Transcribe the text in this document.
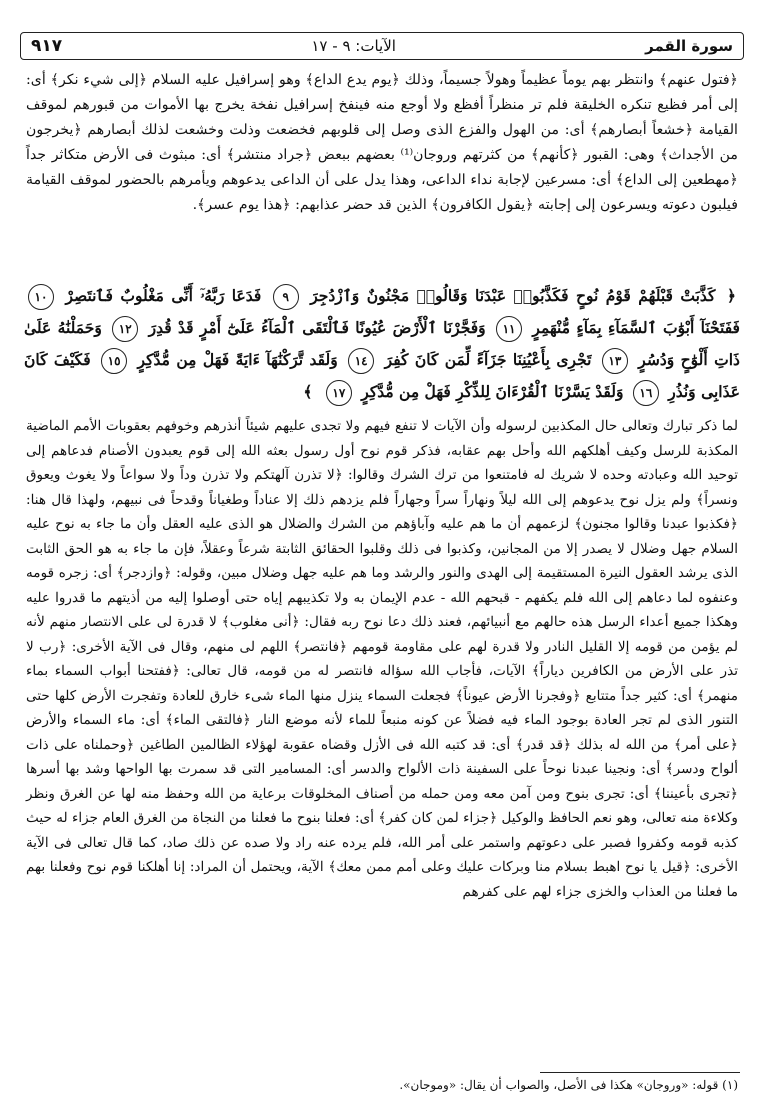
سورة القمر
الآيات: ٩ - ١٧
٩١٧

﴿فتول عنهم﴾ وانتظر بهم يوماً عظيماً وهولاً جسيماً، وذلك ﴿يوم يدع الداع﴾ وهو إسرافيل عليه السلام ﴿إلى شيء نكر﴾ أى: إلى أمر فظيع تنكره الخليقة فلم تر منظراً أفظع ولا أوجع منه فينفخ إسرافيل نفخة يخرج بها الأموات من قبورهم لموقف القيامة ﴿خشعاً أبصارهم﴾ أى: من الهول والفزع الذى وصل إلى قلوبهم فخضعت وذلت وخشعت لذلك أبصارهم ﴿يخرجون من الأجداث﴾ وهى: القبور ﴿كأنهم﴾ من كثرتهم وروجان⁽¹⁾ بعضهم ببعض ﴿جراد منتشر﴾ أى: مبثوث فى الأرض متكاثر جداً ﴿مهطعين إلى الداع﴾ أى: مسرعين لإجابة نداء الداعى، وهذا يدل على أن الداعى يدعوهم ويأمرهم بالحضور لموقف القيامة فيلبون دعوته ويسرعون إلى إجابته ﴿يقول الكافرون﴾ الذين قد حضر عذابهم: ﴿هذا يوم عسر﴾.

﴿ كَذَّبَتْ قَبْلَهُمْ قَوْمُ نُوحٍ فَكَذَّبُوا۟ عَبْدَنَا وَقَالُوا۟ مَجْنُونٌ وَٱزْدُجِرَ ٩ فَدَعَا رَبَّهُۥٓ أَنِّى مَغْلُوبٌ فَٱنتَصِرْ ١٠ فَفَتَحْنَآ أَبْوَٰبَ ٱلسَّمَآءِ بِمَآءٍ مُّنْهَمِرٍ ١١ وَفَجَّرْنَا ٱلْأَرْضَ عُيُونًا فَٱلْتَقَى ٱلْمَآءُ عَلَىٰٓ أَمْرٍ قَدْ قُدِرَ ١٢ وَحَمَلْنَٰهُ عَلَىٰ ذَاتِ أَلْوَٰحٍ وَدُسُرٍ ١٣ تَجْرِى بِأَعْيُنِنَا جَزَآءً لِّمَن كَانَ كُفِرَ ١٤ وَلَقَد تَّرَكْنَٰهَآ ءَايَةً فَهَلْ مِن مُّدَّكِرٍ ١٥ فَكَيْفَ كَانَ عَذَابِى وَنُذُرِ ١٦ وَلَقَدْ يَسَّرْنَا ٱلْقُرْءَانَ لِلذِّكْرِ فَهَلْ مِن مُّدَّكِرٍ ١٧ ﴾

لما ذكر تبارك وتعالى حال المكذبين لرسوله وأن الآيات لا تنفع فيهم ولا تجدى عليهم شيئاً أنذرهم وخوفهم بعقوبات الأمم الماضية المكذبة للرسل وكيف أهلكهم الله وأحل بهم عقابه، فذكر قوم نوح أول رسول بعثه الله إلى قوم يعبدون الأصنام فدعاهم إلى توحيد الله وعبادته وحده لا شريك له فامتنعوا من ترك الشرك وقالوا: ﴿لا تذرن آلهتكم ولا تذرن وداً ولا سواعاً ولا يغوث ويعوق ونسراً﴾ ولم يزل نوح يدعوهم إلى الله ليلاً ونهاراً سراً وجهاراً فلم يزدهم ذلك إلا عناداً وطغياناً وقدحاً فى نبيهم، ولهذا قال هنا: ﴿فكذبوا عبدنا وقالوا مجنون﴾ لزعمهم أن ما هم عليه وآباؤهم من الشرك والضلال هو الذى عليه العقل وأن ما جاء به نوح عليه السلام جهل وضلال لا يصدر إلا من المجانين، وكذبوا فى ذلك وقلبوا الحقائق الثابتة شرعاً وعقلاً، فإن ما جاء به هو الحق الثابت الذى يرشد العقول النيرة المستقيمة إلى الهدى والنور والرشد وما هم عليه جهل وضلال مبين، وقوله: ﴿وازدجر﴾ أى: زجره قومه وعنفوه لما دعاهم إلى الله فلم يكفهم - قبحهم الله - عدم الإيمان به ولا تكذيبهم إياه حتى أوصلوا إليه من أذيتهم ما قدروا عليه وهكذا جميع أعداء الرسل هذه حالهم مع أنبيائهم، فعند ذلك دعا نوح ربه فقال: ﴿أنى مغلوب﴾ لا قدرة لى على الانتصار منهم لأنه لم يؤمن من قومه إلا القليل النادر ولا قدرة لهم على مقاومة قومهم ﴿فانتصر﴾ اللهم لى منهم، وقال فى الآية الأخرى: ﴿رب لا تذر على الأرض من الكافرين دياراً﴾ الآيات، فأجاب الله سؤاله فانتصر له من قومه، قال تعالى: ﴿ففتحنا أبواب السماء بماء منهمر﴾ أى: كثير جداً متتابع ﴿وفجرنا الأرض عيوناً﴾ فجعلت السماء ينزل منها الماء شىء خارق للعادة وتفجرت الأرض كلها حتى التنور الذى لم تجر العادة بوجود الماء فيه فضلاً عن كونه منبعاً للماء لأنه موضع النار ﴿فالتقى الماء﴾ أى: ماء السماء والأرض ﴿على أمر﴾ من الله له بذلك ﴿قد قدر﴾ أى: قد كتبه الله فى الأزل وقضاه عقوبة لهؤلاء الظالمين الطاغين ﴿وحملناه على ذات ألواح ودسر﴾ أى: ونجينا عبدنا نوحاً على السفينة ذات الألواح والدسر أى: المسامير التى قد سمرت بها الواحها وشد بها أسرها ﴿تجرى بأعيننا﴾ أى: تجرى بنوح ومن آمن معه ومن حمله من أصناف المخلوقات برعاية من الله وحفظ منه لها عن الغرق ونظر وكلاءة منه تعالى، وهو نعم الحافظ والوكيل ﴿جزاء لمن كان كفر﴾ أى: فعلنا بنوح ما فعلنا من النجاة من الغرق العام جزاء له حيث كذبه قومه وكفروا فصبر على دعوتهم واستمر على أمر الله، فلم يرده عنه راد ولا صده عن ذلك صاد، كما قال تعالى فى الآية الأخرى: ﴿قيل يا نوح اهبط بسلام منا وبركات عليك وعلى أمم ممن معك﴾ الآية، ويحتمل أن المراد: إنا أهلكنا قوم نوح وفعلنا بهم ما فعلنا من العذاب والخزى جزاء لهم على كفرهم

(١) قوله: «وروجان» هكذا فى الأصل، والصواب أن يقال: «وموجان».
